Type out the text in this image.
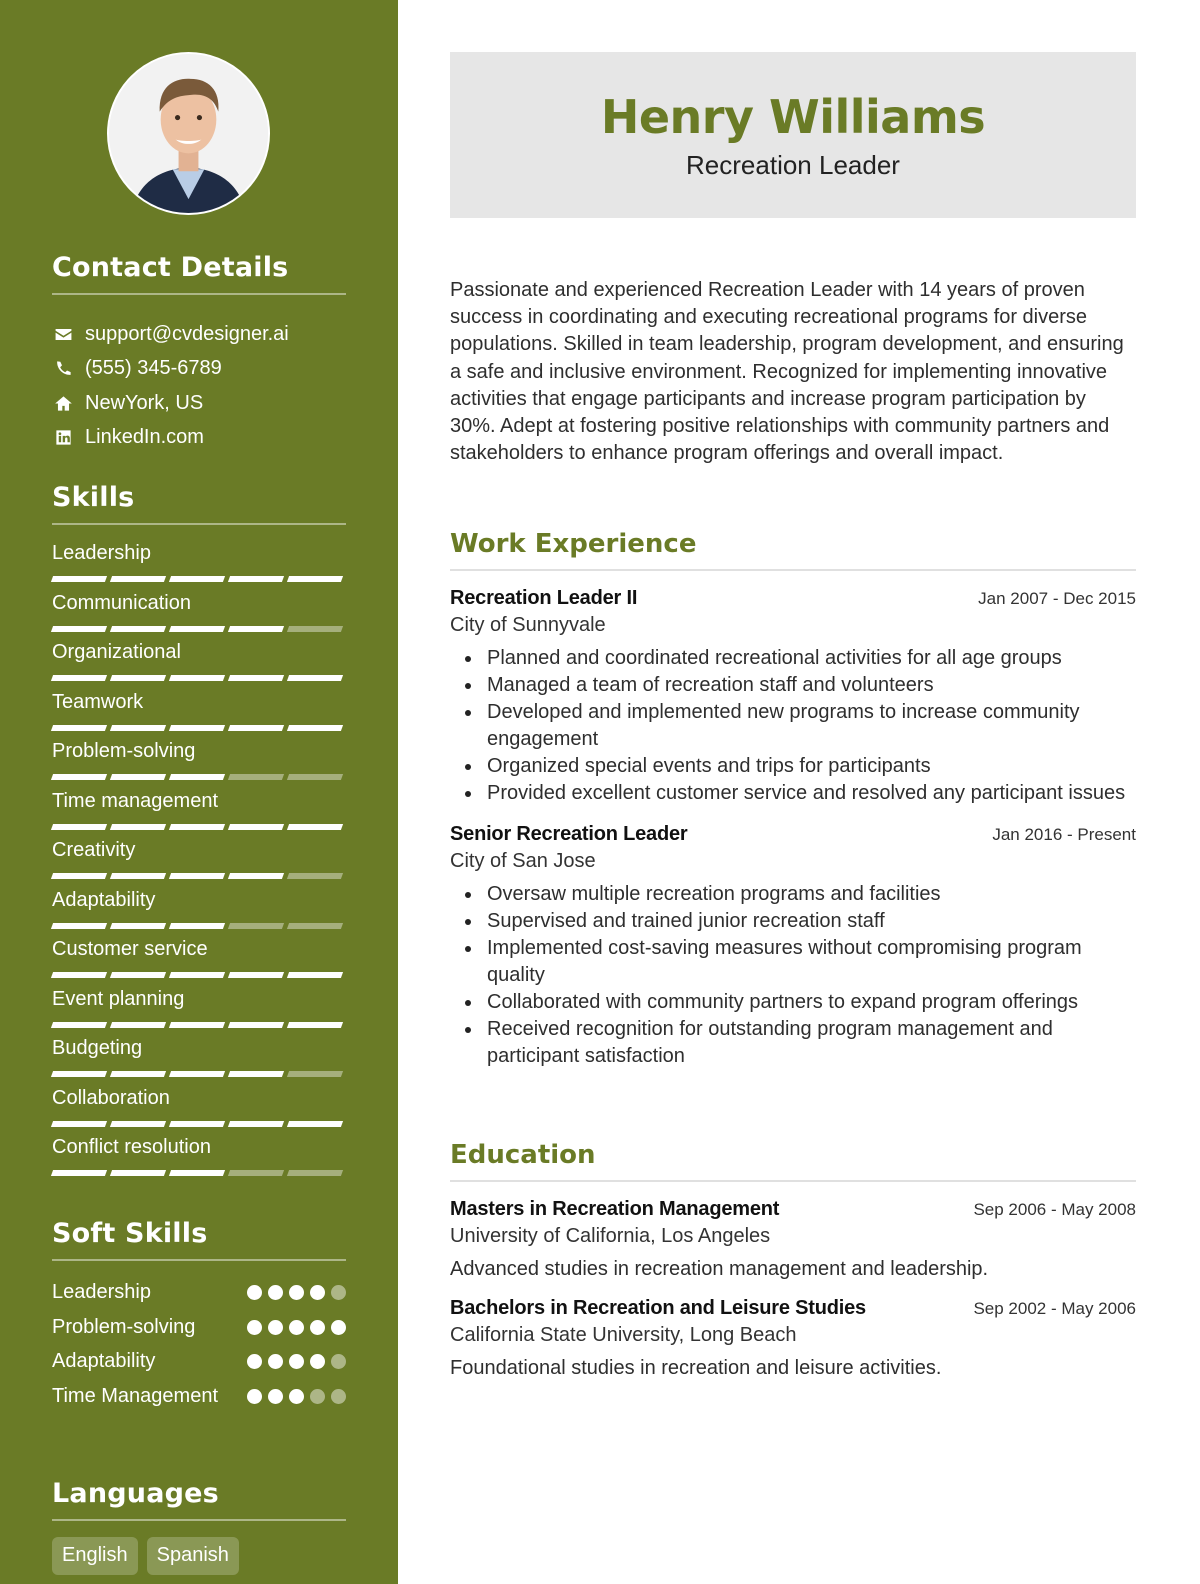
Contact Details
support@cvdesigner.ai
(555) 345-6789
NewYork, US
LinkedIn.com
Skills
Leadership
Communication
Organizational
Teamwork
Problem-solving
Time management
Creativity
Adaptability
Customer service
Event planning
Budgeting
Collaboration
Conflict resolution
Soft Skills
Leadership
Problem-solving
Adaptability
Time Management
Languages
English	Spanish
Henry Williams
Recreation Leader

Passionate and experienced Recreation Leader with 14 years of proven success in coordinating and executing recreational programs for diverse populations. Skilled in team leadership, program development, and ensuring a safe and inclusive environment. Recognized for implementing innovative activities that engage participants and increase program participation by 30%. Adept at fostering positive relationships with community partners and stakeholders to enhance program offerings and overall impact.

Work Experience
Recreation Leader II	Jan 2007 - Dec 2015
City of Sunnyvale
Planned and coordinated recreational activities for all age groups
Managed a team of recreation staff and volunteers
Developed and implemented new programs to increase community engagement
Organized special events and trips for participants
Provided excellent customer service and resolved any participant issues
Senior Recreation Leader	Jan 2016 - Present
City of San Jose
Oversaw multiple recreation programs and facilities
Supervised and trained junior recreation staff
Implemented cost-saving measures without compromising program quality
Collaborated with community partners to expand program offerings
Received recognition for outstanding program management and participant satisfaction
Education
Masters in Recreation Management	Sep 2006 - May 2008
University of California, Los Angeles
Advanced studies in recreation management and leadership.
Bachelors in Recreation and Leisure Studies	Sep 2002 - May 2006
California State University, Long Beach
Foundational studies in recreation and leisure activities.
